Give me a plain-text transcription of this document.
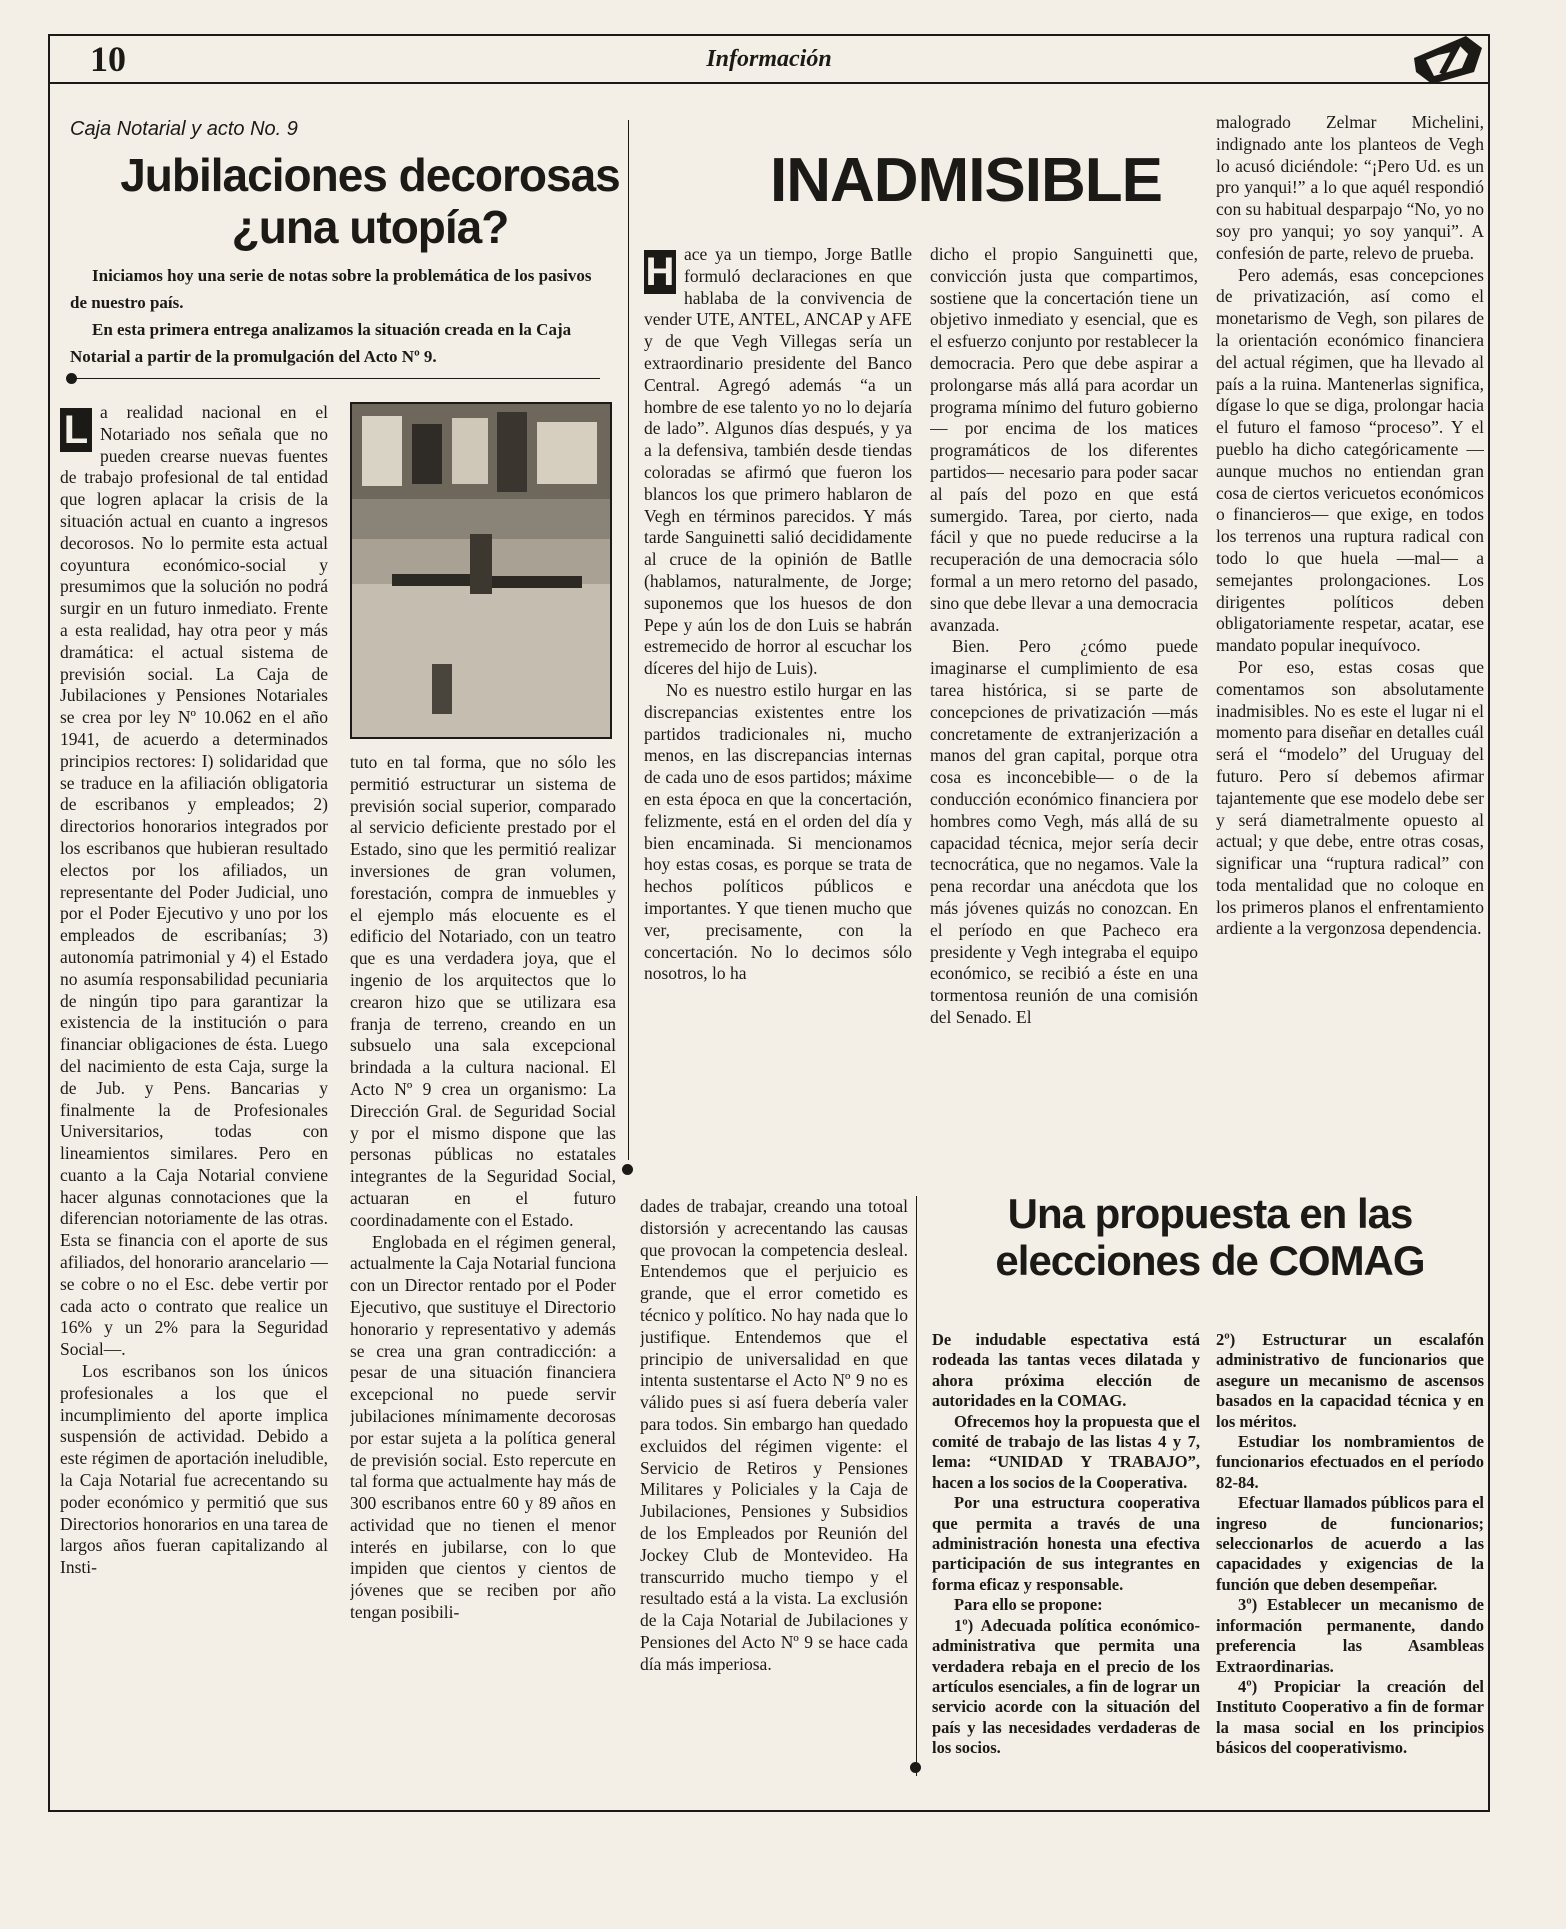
10	Información
Caja Notarial y acto No. 9
Jubilaciones decorosas
¿una utopía?

Iniciamos hoy una serie de notas sobre la problemática de los pasivos de nuestro país.

En esta primera entrega analizamos la situación creada en la Caja Notarial a partir de la promulgación del Acto Nº 9.

L a realidad nacional en el Notariado nos señala que no pueden crearse nuevas fuentes de trabajo profesional de tal entidad que logren aplacar la crisis de la situación actual en cuanto a ingresos decorosos. No lo permite esta actual coyuntura económico-social y presumimos que la solución no podrá surgir en un futuro inmediato. Frente a esta realidad, hay otra peor y más dramática: el actual sistema de previsión social. La Caja de Jubilaciones y Pensiones Notariales se crea por ley Nº 10.062 en el año 1941, de acuerdo a determinados principios rectores: I) solidaridad que se traduce en la afiliación obligatoria de escribanos y empleados; 2) directorios honorarios integrados por los escribanos que hubieran resultado electos por los afiliados, un representante del Poder Judicial, uno por el Poder Ejecutivo y uno por los empleados de escribanías; 3) autonomía patrimonial y 4) el Estado no asumía responsabilidad pecuniaria de ningún tipo para garantizar la existencia de la institución o para financiar obligaciones de ésta. Luego del nacimiento de esta Caja, surge la de Jub. y Pens. Bancarias y finalmente la de Profesionales Universitarios, todas con lineamientos similares. Pero en cuanto a la Caja Notarial conviene hacer algunas connotaciones que la diferencian notoriamente de las otras. Esta se financia con el aporte de sus afiliados, del honorario arancelario —se cobre o no el Esc. debe vertir por cada acto o contrato que realice un 16% y un 2% para la Seguridad Social—.

Los escribanos son los únicos profesionales a los que el incumplimiento del aporte implica suspensión de actividad. Debido a este régimen de aportación ineludible, la Caja Notarial fue acrecentando su poder económico y permitió que sus Directorios honorarios en una tarea de largos años fueran capitalizando al Insti-

tuto en tal forma, que no sólo les permitió estructurar un sistema de previsión social superior, comparado al servicio deficiente prestado por el Estado, sino que les permitió realizar inversiones de gran volumen, forestación, compra de inmuebles y el ejemplo más elocuente es el edificio del Notariado, con un teatro que es una verdadera joya, que el ingenio de los arquitectos que lo crearon hizo que se utilizara esa franja de terreno, creando en un subsuelo una sala excepcional brindada a la cultura nacional. El Acto Nº 9 crea un organismo: La Dirección Gral. de Seguridad Social y por el mismo dispone que las personas públicas no estatales integrantes de la Seguridad Social, actuaran en el futuro coordinadamente con el Estado.

Englobada en el régimen general, actualmente la Caja Notarial funciona con un Director rentado por el Poder Ejecutivo, que sustituye el Directorio honorario y representativo y además se crea una gran contradicción: a pesar de una situación financiera excepcional no puede servir jubilaciones mínimamente decorosas por estar sujeta a la política general de previsión social. Esto repercute en tal forma que actualmente hay más de 300 escribanos entre 60 y 89 años en actividad que no tienen el menor interés en jubilarse, con lo que impiden que cientos y cientos de jóvenes que se reciben por año tengan posibili-

dades de trabajar, creando una totoal distorsión y acrecentando las causas que provocan la competencia desleal. Entendemos que el perjuicio es grande, que el error cometido es técnico y político. No hay nada que lo justifique. Entendemos que el principio de universalidad en que intenta sustentarse el Acto Nº 9 no es válido pues si así fuera debería valer para todos. Sin embargo han quedado excluidos del régimen vigente: el Servicio de Retiros y Pensiones Militares y Policiales y la Caja de Jubilaciones, Pensiones y Subsidios de los Empleados por Reunión del Jockey Club de Montevideo. Ha transcurrido mucho tiempo y el resultado está a la vista. La exclusión de la Caja Notarial de Jubilaciones y Pensiones del Acto Nº 9 se hace cada día más imperiosa.

INADMISIBLE
H ace ya un tiempo, Jorge Batlle formuló declaraciones en que hablaba de la convivencia de vender UTE, ANTEL, ANCAP y AFE y de que Vegh Villegas sería un extraordinario presidente del Banco Central. Agregó además “a un hombre de ese talento yo no lo dejaría de lado”. Algunos días después, y ya a la defensiva, también desde tiendas coloradas se afirmó que fueron los blancos los que primero hablaron de Vegh en términos parecidos. Y más tarde Sanguinetti salió decididamente al cruce de la opinión de Batlle (hablamos, naturalmente, de Jorge; suponemos que los huesos de don Pepe y aún los de don Luis se habrán estremecido de horror al escuchar los díceres del hijo de Luis).

No es nuestro estilo hurgar en las discrepancias existentes entre los partidos tradicionales ni, mucho menos, en las discrepancias internas de cada uno de esos partidos; máxime en esta época en que la concertación, felizmente, está en el orden del día y bien encaminada. Si mencionamos hoy estas cosas, es porque se trata de hechos políticos públicos e importantes. Y que tienen mucho que ver, precisamente, con la concertación. No lo decimos sólo nosotros, lo ha

dicho el propio Sanguinetti que, convicción justa que compartimos, sostiene que la concertación tiene un objetivo inmediato y esencial, que es el esfuerzo conjunto por restablecer la democracia. Pero que debe aspirar a prolongarse más allá para acordar un programa mínimo del futuro gobierno — por encima de los matices programáticos de los diferentes partidos— necesario para poder sacar al país del pozo en que está sumergido. Tarea, por cierto, nada fácil y que no puede reducirse a la recuperación de una democracia sólo formal a un mero retorno del pasado, sino que debe llevar a una democracia avanzada.

Bien. Pero ¿cómo puede imaginarse el cumplimiento de esa tarea histórica, si se parte de concepciones de privatización —más concretamente de extranjerización a manos del gran capital, porque otra cosa es inconcebible— o de la conducción económico financiera por hombres como Vegh, más allá de su capacidad técnica, mejor sería decir tecnocrática, que no negamos. Vale la pena recordar una anécdota que los más jóvenes quizás no conozcan. En el período en que Pacheco era presidente y Vegh integraba el equipo económico, se recibió a éste en una tormentosa reunión de una comisión del Senado. El

malogrado Zelmar Michelini, indignado ante los planteos de Vegh lo acusó diciéndole: “¡Pero Ud. es un pro yanqui!” a lo que aquél respondió con su habitual desparpajo “No, yo no soy pro yanqui; yo soy yanqui”. A confesión de parte, relevo de prueba.

Pero además, esas concepciones de privatización, así como el monetarismo de Vegh, son pilares de la orientación económico financiera del actual régimen, que ha llevado al país a la ruina. Mantenerlas significa, dígase lo que se diga, prolongar hacia el futuro el famoso “proceso”. Y el pueblo ha dicho categóricamente — aunque muchos no entiendan gran cosa de ciertos vericuetos económicos o financieros— que exige, en todos los terrenos una ruptura radical con todo lo que huela —mal— a semejantes prolongaciones. Los dirigentes políticos deben obligatoriamente respetar, acatar, ese mandato popular inequívoco.

Por eso, estas cosas que comentamos son absolutamente inadmisibles. No es este el lugar ni el momento para diseñar en detalles cuál será el “modelo” del Uruguay del futuro. Pero sí debemos afirmar tajantemente que ese modelo debe ser y será diametralmente opuesto al actual; y que debe, entre otras cosas, significar una “ruptura radical” con toda mentalidad que no coloque en los primeros planos el enfrentamiento ardiente a la vergonzosa dependencia.

Una propuesta en las
elecciones de COMAG

De indudable espectativa está rodeada las tantas veces dilatada y ahora próxima elección de autoridades en la COMAG.

Ofrecemos hoy la propuesta que el comité de trabajo de las listas 4 y 7, lema: “UNIDAD Y TRABAJO”, hacen a los socios de la Cooperativa.

Por una estructura cooperativa que permita a través de una administración honesta una efectiva participación de sus integrantes en forma eficaz y responsable.

Para ello se propone:

1º) Adecuada política económico-administrativa que permita una verdadera rebaja en el precio de los artículos esenciales, a fin de lograr un servicio acorde con la situación del país y las necesidades verdaderas de los socios.

2º) Estructurar un escalafón administrativo de funcionarios que asegure un mecanismo de ascensos basados en la capacidad técnica y en los méritos.

Estudiar los nombramientos de funcionarios efectuados en el período 82-84.

Efectuar llamados públicos para el ingreso de funcionarios; seleccionarlos de acuerdo a las capacidades y exigencias de la función que deben desempeñar.

3º) Establecer un mecanismo de información permanente, dando preferencia las Asambleas Extraordinarias.

4º) Propiciar la creación del Instituto Cooperativo a fin de formar la masa social en los principios básicos del cooperativismo.
